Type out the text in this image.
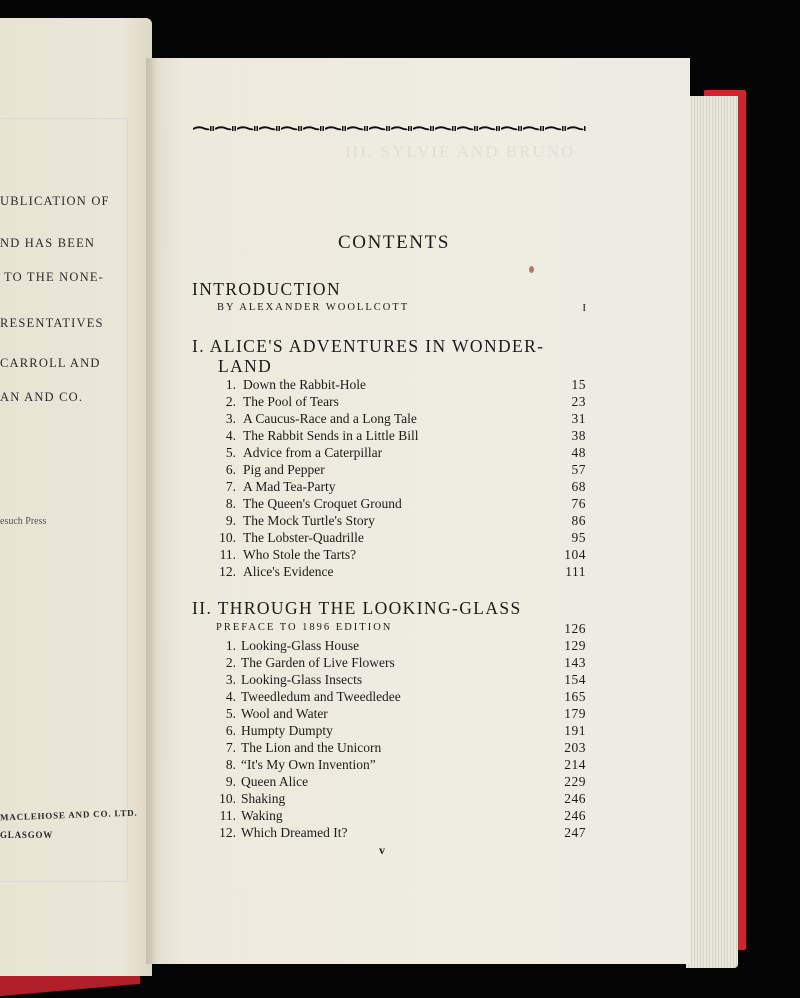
UBLICATION OF
ND HAS BEEN
TO THE NONE-
RESENTATIVES
CARROLL AND
AN AND CO.
esuch Press
MACLEHOSE AND CO. LTD.
GLASGOW
III. SYLVIE AND BRUNO
CONTENTS
INTRODUCTION
BY ALEXANDER WOOLLCOTT	I
I. ALICE'S ADVENTURES IN WONDER-
LAND
1. Down the Rabbit-Hole	15
2. The Pool of Tears	23
3. A Caucus-Race and a Long Tale	31
4. The Rabbit Sends in a Little Bill	38
5. Advice from a Caterpillar	48
6. Pig and Pepper	57
7. A Mad Tea-Party	68
8. The Queen's Croquet Ground	76
9. The Mock Turtle's Story	86
10. The Lobster-Quadrille	95
11. Who Stole the Tarts?	104
12. Alice's Evidence	111
II. THROUGH THE LOOKING-GLASS
PREFACE TO 1896 EDITION	126
1. Looking-Glass House	129
2. The Garden of Live Flowers	143
3. Looking-Glass Insects	154
4. Tweedledum and Tweedledee	165
5. Wool and Water	179
6. Humpty Dumpty	191
7. The Lion and the Unicorn	203
8. “It's My Own Invention”	214
9. Queen Alice	229
10. Shaking	246
11. Waking	246
12. Which Dreamed It?	247
v
